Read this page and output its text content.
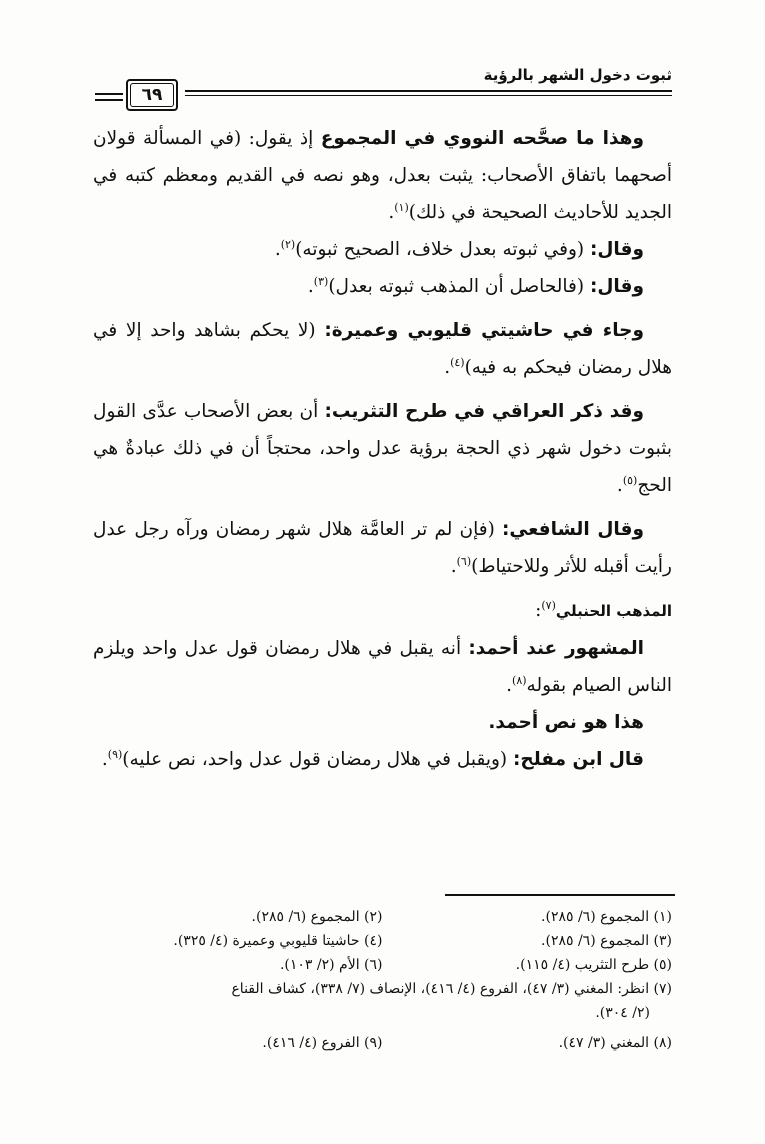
ثبوت دخول الشهر بالرؤية
٦٩

وهذا ما صحَّحه النووي في المجموع إذ يقول: (في المسألة قولان أصحهما باتفاق الأصحاب: يثبت بعدل، وهو نصه في القديم ومعظم كتبه في الجديد للأحاديث الصحيحة في ذلك)$^{(١)}$.

وقال: (وفي ثبوته بعدل خلاف، الصحيح ثبوته)$^{(٢)}$.

وقال: (فالحاصل أن المذهب ثبوته بعدل)$^{(٣)}$.

وجاء في حاشيتي قليوبي وعميرة: (لا يحكم بشاهد واحد إلا في هلال رمضان فيحكم به فيه)$^{(٤)}$.

وقد ذكر العراقي في طرح التثريب: أن بعض الأصحاب عدَّى القول بثبوت دخول شهر ذي الحجة برؤية عدل واحد، محتجاً أن في ذلك عبادةٌ هي الحج$^{(٥)}$.

وقال الشافعي: (فإن لم تر العامَّة هلال شهر رمضان ورآه رجل عدل رأيت أقبله للأثر وللاحتياط)$^{(٦)}$.

المذهب الحنبلي$^{(٧)}$:

المشهور عند أحمد: أنه يقبل في هلال رمضان قول عدل واحد ويلزم الناس الصيام بقوله$^{(٨)}$.

هذا هو نص أحمد.

قال ابن مفلح: (ويقبل في هلال رمضان قول عدل واحد، نص عليه)$^{(٩)}$.

(١) المجموع (٦/ ٢٨٥).
(٢) المجموع (٦/ ٢٨٥).
(٣) المجموع (٦/ ٢٨٥).
(٤) حاشيتا قليوبي وعميرة (٤/ ٣٢٥).
(٥) طرح التثريب (٤/ ١١٥).
(٦) الأم (٢/ ١٠٣).
(٧) انظر: المغني (٣/ ٤٧)، الفروع (٤/ ٤١٦)، الإنصاف (٧/ ٣٣٨)، كشاف القناع
(٢/ ٣٠٤).
(٨) المغني (٣/ ٤٧).
(٩) الفروع (٤/ ٤١٦).
